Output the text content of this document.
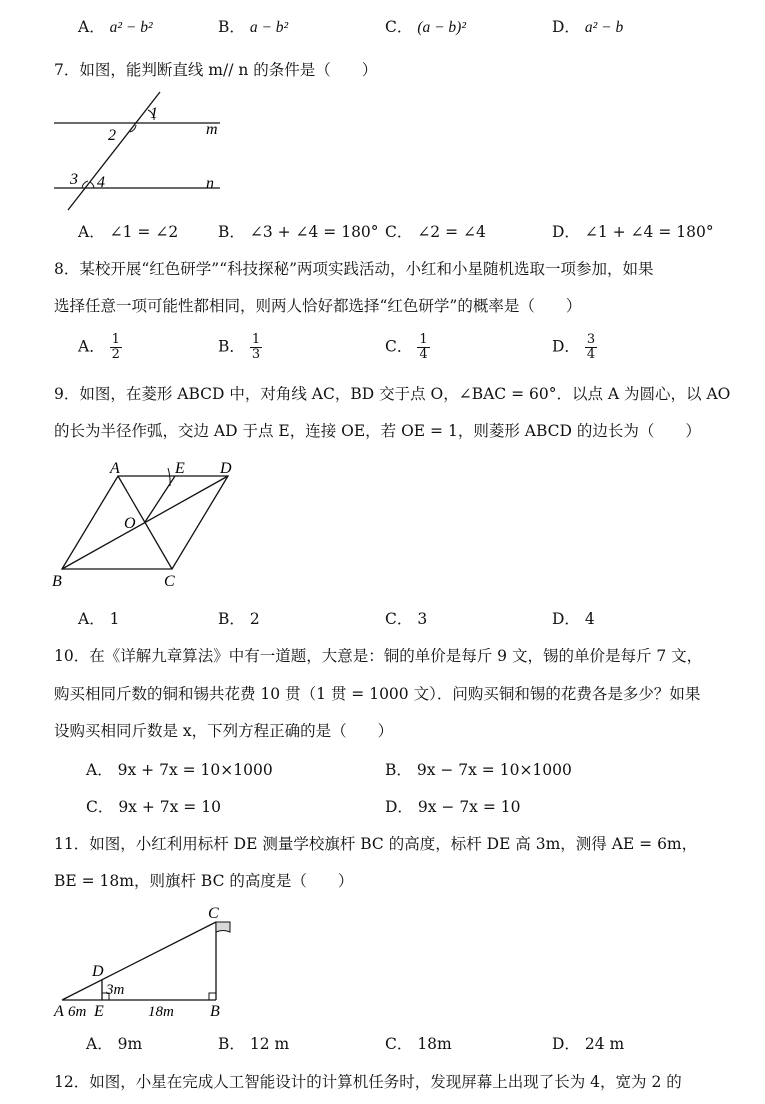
A． a² − b²	B． a − b²	C． (a − b)²	D． a² − b
7．如图，能判断直线 m// n 的条件是（　　）
1
2
3 4
m
n
A． ∠1 = ∠2	B． ∠3 + ∠4 = 180° C． ∠2 = ∠4	D． ∠1 + ∠4 = 180°
8．某校开展“红色研学”“科技探秘”两项实践活动，小红和小星随机选取一项参加，如果
选择任意一项可能性都相同，则两人恰好都选择“红色研学”的概率是（　　）
A． $\frac{1}{2}$	B． $\frac{1}{3}$	C． $\frac{1}{4}$	D． $\frac{3}{4}$
9．如图，在菱形 ABCD 中，对角线 AC，BD 交于点 O，∠BAC = 60°．以点 A 为圆心，以 AO
的长为半径作弧，交边 AD 于点 E，连接 OE，若 OE = 1，则菱形 ABCD 的边长为（　　）
A	E D
O
B	C
A． 1	B． 2	C． 3	D． 4
10．在《详解九章算法》中有一道题，大意是：铜的单价是每斤 9 文，锡的单价是每斤 7 文，
购买相同斤数的铜和锡共花费 10 贯（1 贯 = 1000 文）．问购买铜和锡的花费各是多少？如果
设购买相同斤数是 x，下列方程正确的是（　　）
A． 9x + 7x = 10×1000	B． 9x − 7x = 10×1000
C． 9x + 7x = 10	D． 9x − 7x = 10
11．如图，小红利用标杆 DE 测量学校旗杆 BC 的高度，标杆 DE 高 3m，测得 AE = 6m，
BE = 18m，则旗杆 BC 的高度是（　　）
C
D
3m
A 6m E	18m B
A． 9m	B． 12 m	C． 18m	D． 24 m
12．如图，小星在完成人工智能设计的计算机任务时，发现屏幕上出现了长为 4，宽为 2 的
